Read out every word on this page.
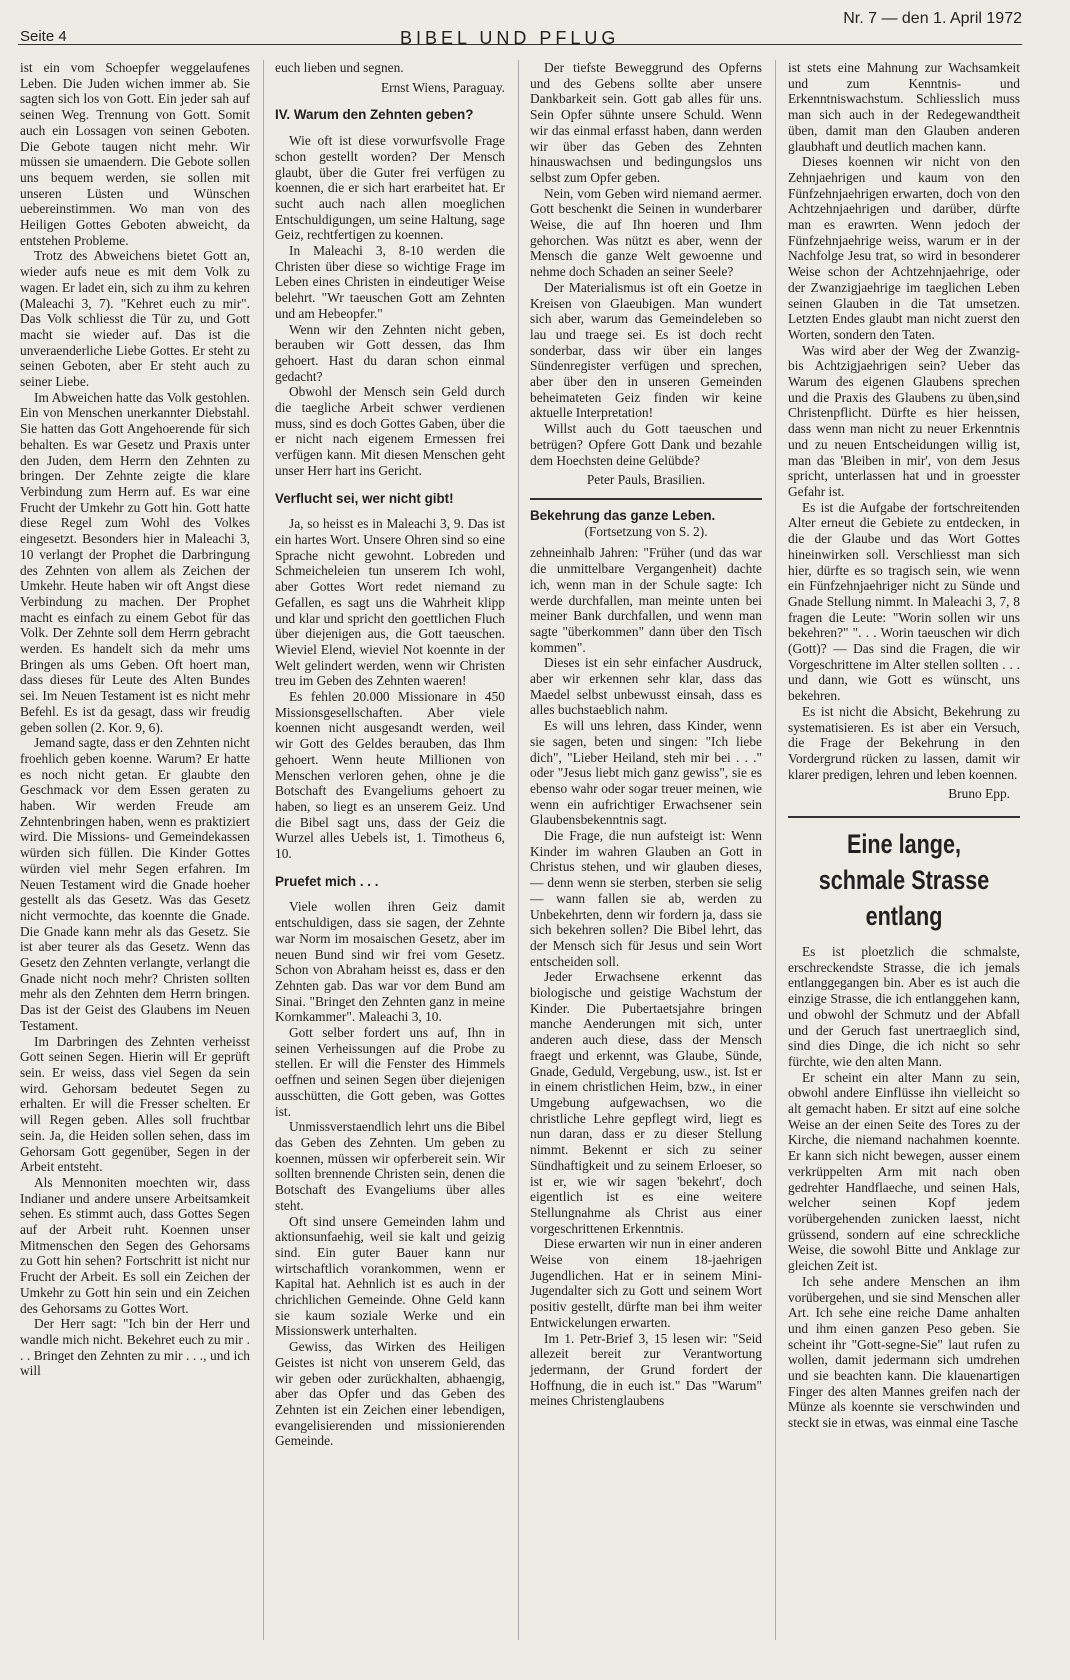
Seite 4	BIBEL UND PFLUG
Nr. 7 — den 1. April 1972

ist ein vom Schoepfer weggelaufenes Leben. Die Juden wichen immer ab. Sie sagten sich los von Gott. Ein jeder sah auf seinen Weg. Trennung von Gott. Somit auch ein Lossagen von seinen Geboten. Die Gebote taugen nicht mehr. Wir müssen sie umaendern. Die Gebote sollen uns bequem werden, sie sollen mit unseren Lüsten und Wünschen uebereinstimmen. Wo man von des Heiligen Gottes Geboten abweicht, da entstehen Probleme.

Trotz des Abweichens bietet Gott an, wieder aufs neue es mit dem Volk zu wagen. Er ladet ein, sich zu ihm zu kehren (Maleachi 3, 7). "Kehret euch zu mir". Das Volk schliesst die Tür zu, und Gott macht sie wieder auf. Das ist die unveraenderliche Liebe Gottes. Er steht zu seinen Geboten, aber Er steht auch zu seiner Liebe.

Im Abweichen hatte das Volk gestohlen. Ein von Menschen unerkannter Diebstahl. Sie hatten das Gott Angehoerende für sich behalten. Es war Gesetz und Praxis unter den Juden, dem Herrn den Zehnten zu bringen. Der Zehnte zeigte die klare Verbindung zum Herrn auf. Es war eine Frucht der Umkehr zu Gott hin. Gott hatte diese Regel zum Wohl des Volkes eingesetzt. Besonders hier in Maleachi 3, 10 verlangt der Prophet die Darbringung des Zehnten von allem als Zeichen der Umkehr. Heute haben wir oft Angst diese Verbindung zu machen. Der Prophet macht es einfach zu einem Gebot für das Volk. Der Zehnte soll dem Herrn gebracht werden. Es handelt sich da mehr ums Bringen als ums Geben. Oft hoert man, dass dieses für Leute des Alten Bundes sei. Im Neuen Testament ist es nicht mehr Befehl. Es ist da gesagt, dass wir freudig geben sollen (2. Kor. 9, 6).

Jemand sagte, dass er den Zehnten nicht froehlich geben koenne. Warum? Er hatte es noch nicht getan. Er glaubte den Geschmack vor dem Essen geraten zu haben. Wir werden Freude am Zehntenbringen haben, wenn es praktiziert wird. Die Missions- und Gemeindekassen würden sich füllen. Die Kinder Gottes würden viel mehr Segen erfahren. Im Neuen Testament wird die Gnade hoeher gestellt als das Gesetz. Was das Gesetz nicht vermochte, das koennte die Gnade. Die Gnade kann mehr als das Gesetz. Sie ist aber teurer als das Gesetz. Wenn das Gesetz den Zehnten verlangte, verlangt die Gnade nicht noch mehr? Christen sollten mehr als den Zehnten dem Herrn bringen. Das ist der Geist des Glaubens im Neuen Testament.

Im Darbringen des Zehnten verheisst Gott seinen Segen. Hierin will Er geprüft sein. Er weiss, dass viel Segen da sein wird. Gehorsam bedeutet Segen zu erhalten. Er will die Fresser schelten. Er will Regen geben. Alles soll fruchtbar sein. Ja, die Heiden sollen sehen, dass im Gehorsam Gott gegenüber, Segen in der Arbeit entsteht.

Als Mennoniten moechten wir, dass Indianer und andere unsere Arbeitsamkeit sehen. Es stimmt auch, dass Gottes Segen auf der Arbeit ruht. Koennen unser Mitmenschen den Segen des Gehorsams zu Gott hin sehen? Fortschritt ist nicht nur Frucht der Arbeit. Es soll ein Zeichen der Umkehr zu Gott hin sein und ein Zeichen des Gehorsams zu Gottes Wort.

Der Herr sagt: "Ich bin der Herr und wandle mich nicht. Bekehret euch zu mir . . . Bringet den Zehnten zu mir . . ., und ich will

euch lieben und segnen.

Ernst Wiens, Paraguay.
IV. Warum den Zehnten geben?

Wie oft ist diese vorwurfsvolle Frage schon gestellt worden? Der Mensch glaubt, über die Guter frei verfügen zu koennen, die er sich hart erarbeitet hat. Er sucht auch nach allen moeglichen Entschuldigungen, um seine Haltung, sage Geiz, rechtfertigen zu koennen.

In Maleachi 3, 8-10 werden die Christen über diese so wichtige Frage im Leben eines Christen in eindeutiger Weise belehrt. "Wr taeuschen Gott am Zehnten und am Hebeopfer."

Wenn wir den Zehnten nicht geben, berauben wir Gott dessen, das Ihm gehoert. Hast du daran schon einmal gedacht?

Obwohl der Mensch sein Geld durch die taegliche Arbeit schwer verdienen muss, sind es doch Gottes Gaben, über die er nicht nach eigenem Ermessen frei verfügen kann. Mit diesen Menschen geht unser Herr hart ins Gericht.

Verflucht sei, wer nicht gibt!

Ja, so heisst es in Maleachi 3, 9. Das ist ein hartes Wort. Unsere Ohren sind so eine Sprache nicht gewohnt. Lobreden und Schmeicheleien tun unserem Ich wohl, aber Gottes Wort redet niemand zu Gefallen, es sagt uns die Wahrheit klipp und klar und spricht den goettlichen Fluch über diejenigen aus, die Gott taeuschen. Wieviel Elend, wieviel Not koennte in der Welt gelindert werden, wenn wir Christen treu im Geben des Zehnten waeren!

Es fehlen 20.000 Missionare in 450 Missionsgesellschaften. Aber viele koennen nicht ausgesandt werden, weil wir Gott des Geldes berauben, das Ihm gehoert. Wenn heute Millionen von Menschen verloren gehen, ohne je die Botschaft des Evangeliums gehoert zu haben, so liegt es an unserem Geiz. Und die Bibel sagt uns, dass der Geiz die Wurzel alles Uebels ist, 1. Timotheus 6, 10.

Pruefet mich . . .

Viele wollen ihren Geiz damit entschuldigen, dass sie sagen, der Zehnte war Norm im mosaischen Gesetz, aber im neuen Bund sind wir frei vom Gesetz. Schon von Abraham heisst es, dass er den Zehnten gab. Das war vor dem Bund am Sinai. "Bringet den Zehnten ganz in meine Kornkammer". Maleachi 3, 10.

Gott selber fordert uns auf, Ihn in seinen Verheissungen auf die Probe zu stellen. Er will die Fenster des Himmels oeffnen und seinen Segen über diejenigen ausschütten, die Gott geben, was Gottes ist.

Unmissverstaendlich lehrt uns die Bibel das Geben des Zehnten. Um geben zu koennen, müssen wir opferbereit sein. Wir sollten brennende Christen sein, denen die Botschaft des Evangeliums über alles steht.

Oft sind unsere Gemeinden lahm und aktionsunfaehig, weil sie kalt und geizig sind. Ein guter Bauer kann nur wirtschaftlich vorankommen, wenn er Kapital hat. Aehnlich ist es auch in der chrichlichen Gemeinde. Ohne Geld kann sie kaum soziale Werke und ein Missionswerk unterhalten.

Gewiss, das Wirken des Heiligen Geistes ist nicht von unserem Geld, das wir geben oder zurückhalten, abhaengig, aber das Opfer und das Geben des Zehnten ist ein Zeichen einer lebendigen, evangelisierenden und missionierenden Gemeinde.

Der tiefste Beweggrund des Opferns und des Gebens sollte aber unsere Dankbarkeit sein. Gott gab alles für uns. Sein Opfer sühnte unsere Schuld. Wenn wir das einmal erfasst haben, dann werden wir über das Geben des Zehnten hinauswachsen und bedingungslos uns selbst zum Opfer geben.

Nein, vom Geben wird niemand aermer. Gott beschenkt die Seinen in wunderbarer Weise, die auf Ihn hoeren und Ihm gehorchen. Was nützt es aber, wenn der Mensch die ganze Welt gewoenne und nehme doch Schaden an seiner Seele?

Der Materialismus ist oft ein Goetze in Kreisen von Glaeubigen. Man wundert sich aber, warum das Gemeindeleben so lau und traege sei. Es ist doch recht sonderbar, dass wir über ein langes Sündenregister verfügen und sprechen, aber über den in unseren Gemeinden beheimateten Geiz finden wir keine aktuelle Interpretation!

Willst auch du Gott taeuschen und betrügen? Opfere Gott Dank und bezahle dem Hoechsten deine Gelübde?

Peter Pauls, Brasilien.
Bekehrung das ganze Leben.
(Fortsetzung von S. 2).

zehneinhalb Jahren: "Früher (und das war die unmittelbare Vergangenheit) dachte ich, wenn man in der Schule sagte: Ich werde durchfallen, man meinte unten bei meiner Bank durchfallen, und wenn man sagte "überkommen" dann über den Tisch kommen".

Dieses ist ein sehr einfacher Ausdruck, aber wir erkennen sehr klar, dass das Maedel selbst unbewusst einsah, dass es alles buchstaeblich nahm.

Es will uns lehren, dass Kinder, wenn sie sagen, beten und singen: "Ich liebe dich", "Lieber Heiland, steh mir bei . . ." oder "Jesus liebt mich ganz gewiss", sie es ebenso wahr oder sogar treuer meinen, wie wenn ein aufrichtiger Erwachsener sein Glaubensbekenntnis sagt.

Die Frage, die nun aufsteigt ist: Wenn Kinder im wahren Glauben an Gott in Christus stehen, und wir glauben dieses, — denn wenn sie sterben, sterben sie selig — wann fallen sie ab, werden zu Unbekehrten, denn wir fordern ja, dass sie sich bekehren sollen? Die Bibel lehrt, das der Mensch sich für Jesus und sein Wort entscheiden soll.

Jeder Erwachsene erkennt das biologische und geistige Wachstum der Kinder. Die Pubertaetsjahre bringen manche Aenderungen mit sich, unter anderen auch diese, dass der Mensch fraegt und erkennt, was Glaube, Sünde, Gnade, Geduld, Vergebung, usw., ist. Ist er in einem christlichen Heim, bzw., in einer Umgebung aufgewachsen, wo die christliche Lehre gepflegt wird, liegt es nun daran, dass er zu dieser Stellung nimmt. Bekennt er sich zu seiner Sündhaftigkeit und zu seinem Erloeser, so ist er, wie wir sagen 'bekehrt', doch eigentlich ist es eine weitere Stellungnahme als Christ aus einer vorgeschrittenen Erkenntnis.

Diese erwarten wir nun in einer anderen Weise von einem 18-jaehrigen Jugendlichen. Hat er in seinem Mini-Jugendalter sich zu Gott und seinem Wort positiv gestellt, dürfte man bei ihm weiter Entwickelungen erwarten.

Im 1. Petr-Brief 3, 15 lesen wir: "Seid allezeit bereit zur Verantwortung jedermann, der Grund fordert der Hoffnung, die in euch ist." Das "Warum" meines Christenglaubens

ist stets eine Mahnung zur Wachsamkeit und zum Kenntnis- und Erkenntniswachstum. Schliesslich muss man sich auch in der Redegewandtheit üben, damit man den Glauben anderen glaubhaft und deutlich machen kann.

Dieses koennen wir nicht von den Zehnjaehrigen und kaum von den Fünfzehnjaehrigen erwarten, doch von den Achtzehnjaehrigen und darüber, dürfte man es erawrten. Wenn jedoch der Fünfzehnjaehrige weiss, warum er in der Nachfolge Jesu trat, so wird in besonderer Weise schon der Achtzehnjaehrige, oder der Zwanzigjaehrige im taeglichen Leben seinen Glauben in die Tat umsetzen. Letzten Endes glaubt man nicht zuerst den Worten, sondern den Taten.

Was wird aber der Weg der Zwanzig- bis Achtzigjaehrigen sein? Ueber das Warum des eigenen Glaubens sprechen und die Praxis des Glaubens zu üben,sind Christenpflicht. Dürfte es hier heissen, dass wenn man nicht zu neuer Erkenntnis und zu neuen Entscheidungen willig ist, man das 'Bleiben in mir', von dem Jesus spricht, unterlassen hat und in groesster Gefahr ist.

Es ist die Aufgabe der fortschreitenden Alter erneut die Gebiete zu entdecken, in die der Glaube und das Wort Gottes hineinwirken soll. Verschliesst man sich hier, dürfte es so tragisch sein, wie wenn ein Fünfzehnjaehriger nicht zu Sünde und Gnade Stellung nimmt. In Maleachi 3, 7, 8 fragen die Leute: "Worin sollen wir uns bekehren?" ". . . Worin taeuschen wir dich (Gott)? — Das sind die Fragen, die wir Vorgeschrittene im Alter stellen sollten . . . und dann, wie Gott es wünscht, uns bekehren.

Es ist nicht die Absicht, Bekehrung zu systematisieren. Es ist aber ein Versuch, die Frage der Bekehrung in den Vordergrund rücken zu lassen, damit wir klarer predigen, lehren und leben koennen.

Bruno Epp.
Eine lange, schmale Strasse entlang

Es ist ploetzlich die schmalste, erschreckendste Strasse, die ich jemals entlanggegangen bin. Aber es ist auch die einzige Strasse, die ich entlanggehen kann, und obwohl der Schmutz und der Abfall und der Geruch fast unertraeglich sind, sind dies Dinge, die ich nicht so sehr fürchte, wie den alten Mann.

Er scheint ein alter Mann zu sein, obwohl andere Einflüsse ihn vielleicht so alt gemacht haben. Er sitzt auf eine solche Weise an der einen Seite des Tores zu der Kirche, die niemand nachahmen koennte. Er kann sich nicht bewegen, ausser einem verkrüppelten Arm mit nach oben gedrehter Handflaeche, und seinen Hals, welcher seinen Kopf jedem vorübergehenden zunicken laesst, nicht grüssend, sondern auf eine schreckliche Weise, die sowohl Bitte und Anklage zur gleichen Zeit ist.

Ich sehe andere Menschen an ihm vorübergehen, und sie sind Menschen aller Art. Ich sehe eine reiche Dame anhalten und ihm einen ganzen Peso geben. Sie scheint ihr "Gott-segne-Sie" laut rufen zu wollen, damit jedermann sich umdrehen und sie beachten kann. Die klauenartigen Finger des alten Mannes greifen nach der Münze als koennte sie verschwinden und steckt sie in etwas, was einmal eine Tasche
